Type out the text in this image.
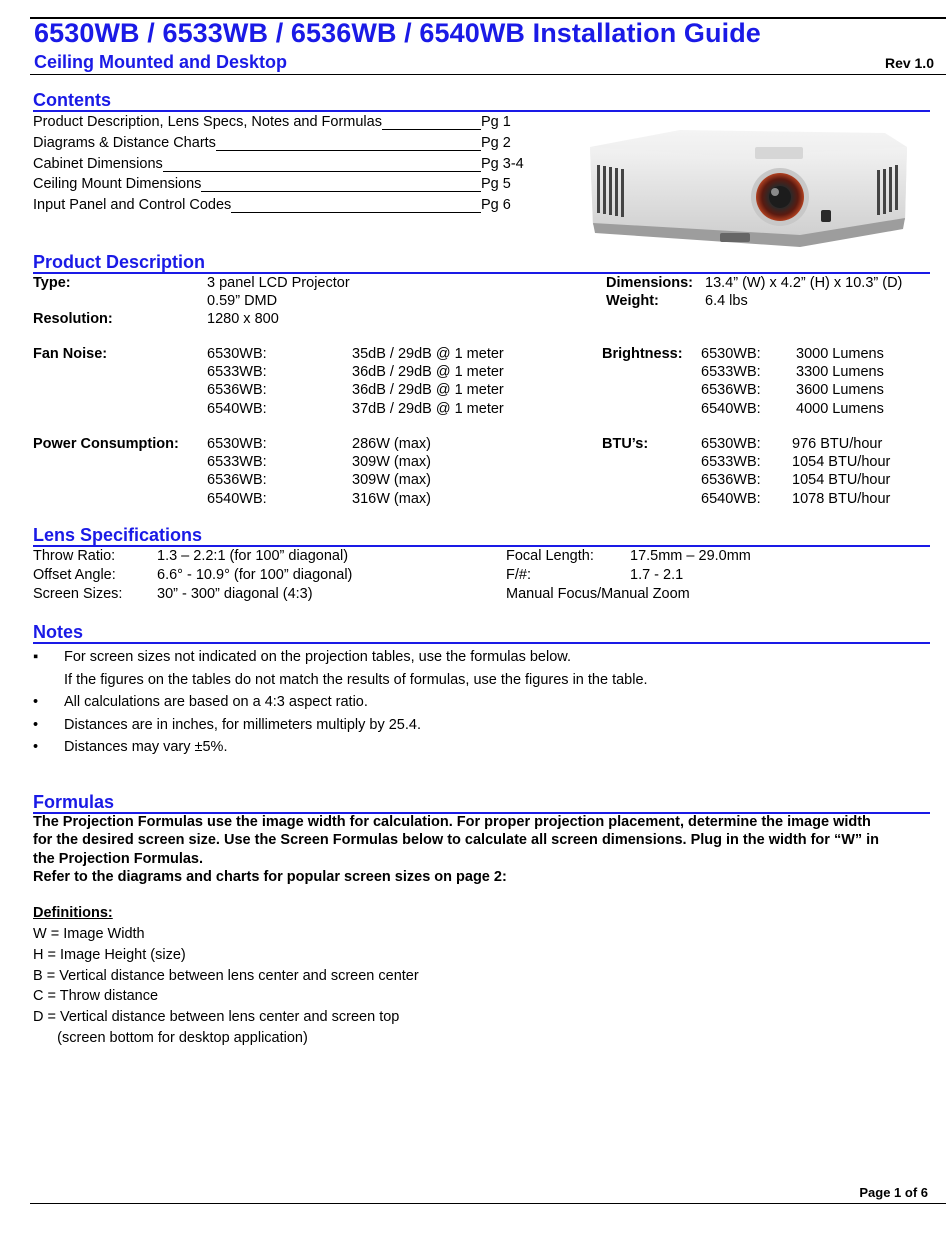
6530WB / 6533WB / 6536WB / 6540WB Installation Guide
Ceiling Mounted and Desktop	Rev 1.0
Contents
Product Description, Lens Specs, Notes and Formulas	Pg 1
Diagrams & Distance Charts	Pg 2
Cabinet Dimensions	Pg 3-4
Ceiling Mount Dimensions	Pg 5
Input Panel and Control Codes	Pg 6
Product Description
Type:	3 panel LCD Projector
0.59” DMD
Resolution:	1280 x 800
Dimensions: 13.4” (W) x 4.2” (H) x 10.3” (D)
Weight:	6.4 lbs
Fan Noise:	6530WB:	35dB / 29dB @ 1 meter
6533WB:	36dB / 29dB @ 1 meter
6536WB:	36dB / 29dB @ 1 meter
6540WB:	37dB / 29dB @ 1 meter
Brightness: 6530WB: 3000 Lumens
6533WB: 3300 Lumens
6536WB: 3600 Lumens
6540WB: 4000 Lumens
Power Consumption: 6530WB:	286W (max)
6533WB:	309W (max)
6536WB:	309W (max)
6540WB:	316W (max)
BTU’s:	6530WB: 976 BTU/hour
6533WB: 1054 BTU/hour
6536WB: 1054 BTU/hour
6540WB: 1078 BTU/hour
Lens Specifications
Throw Ratio:	1.3 – 2.2:1 (for 100” diagonal)
Offset Angle:	6.6° - 10.9° (for 100” diagonal)
Screen Sizes: 30” - 300” diagonal (4:3)
Focal Length: 17.5mm – 29.0mm
F/#:	1.7 - 2.1
Manual Focus/Manual Zoom
Notes
▪ For screen sizes not indicated on the projection tables, use the formulas below.
If the figures on the tables do not match the results of formulas, use the figures in the table.
• All calculations are based on a 4:3 aspect ratio.
• Distances are in inches, for millimeters multiply by 25.4.
• Distances may vary ±5%.
Formulas
The Projection Formulas use the image width for calculation. For proper projection placement, determine the image width
for the desired screen size. Use the Screen Formulas below to calculate all screen dimensions. Plug in the width for “W” in
the Projection Formulas.
Refer to the diagrams and charts for popular screen sizes on page 2:
Definitions:
W = Image Width
H = Image Height (size)
B = Vertical distance between lens center and screen center
C = Throw distance
D = Vertical distance between lens center and screen top
(screen bottom for desktop application)
Page 1 of 6
